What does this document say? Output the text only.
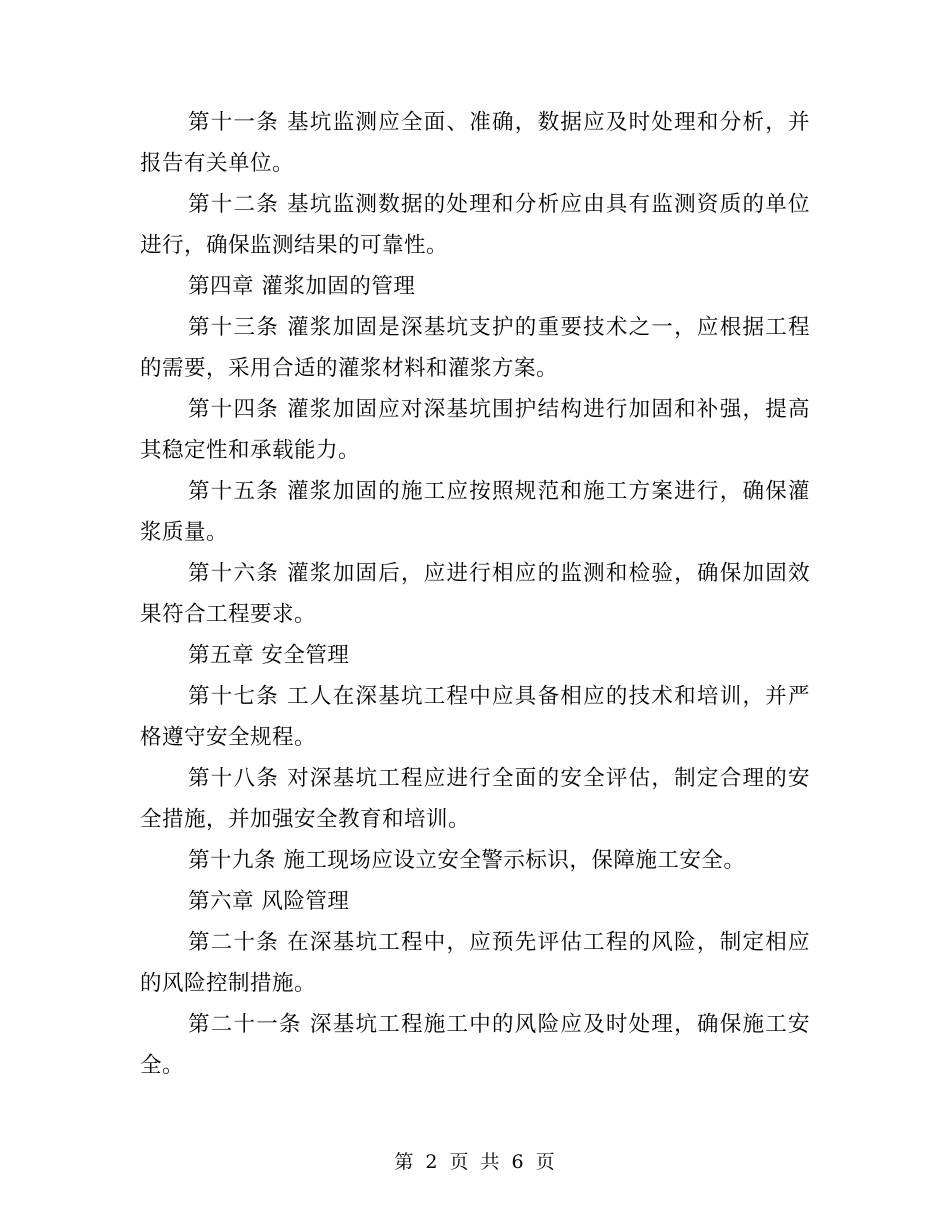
第十一条 基坑监测应全面、准确，数据应及时处理和分析，并报告有关单位。

第十二条 基坑监测数据的处理和分析应由具有监测资质的单位进行，确保监测结果的可靠性。

第四章 灌浆加固的管理

第十三条 灌浆加固是深基坑支护的重要技术之一，应根据工程的需要，采用合适的灌浆材料和灌浆方案。

第十四条 灌浆加固应对深基坑围护结构进行加固和补强，提高其稳定性和承载能力。

第十五条 灌浆加固的施工应按照规范和施工方案进行，确保灌浆质量。

第十六条 灌浆加固后，应进行相应的监测和检验，确保加固效果符合工程要求。

第五章 安全管理

第十七条 工人在深基坑工程中应具备相应的技术和培训，并严格遵守安全规程。

第十八条 对深基坑工程应进行全面的安全评估，制定合理的安全措施，并加强安全教育和培训。

第十九条 施工现场应设立安全警示标识，保障施工安全。

第六章 风险管理

第二十条 在深基坑工程中，应预先评估工程的风险，制定相应的风险控制措施。

第二十一条 深基坑工程施工中的风险应及时处理，确保施工安全。

第 2 页 共 6 页
